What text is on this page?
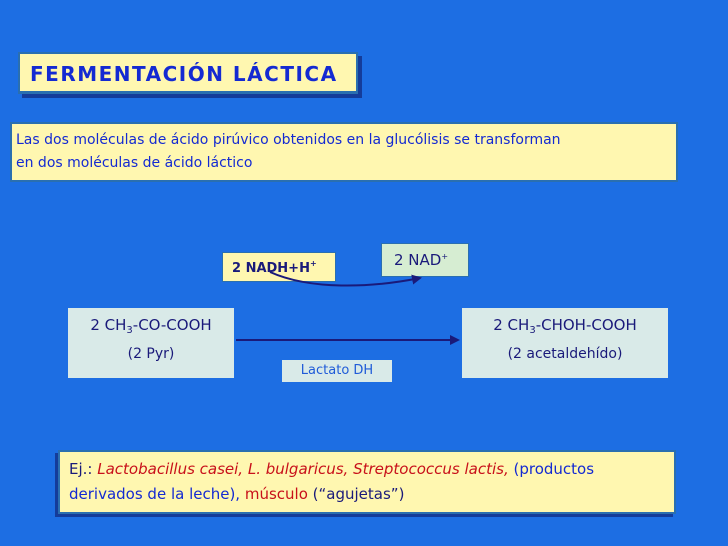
FERMENTACIÓN LÁCTICA
Las dos moléculas de ácido pirúvico obtenidos en la glucólisis se transforman
en dos moléculas de ácido láctico
2 NADH+H+	2 NAD+
2 $CH_3-CO$-COOH
(2 Pyr)
Lactato DH
2 $CH_3-CHOH$-COOH
(2 acetaldehído)
Ej.: Lactobacillus casei, L. bulgaricus, Streptococcus lactis, (productos
derivados de la leche), músculo (“agujetas”)
